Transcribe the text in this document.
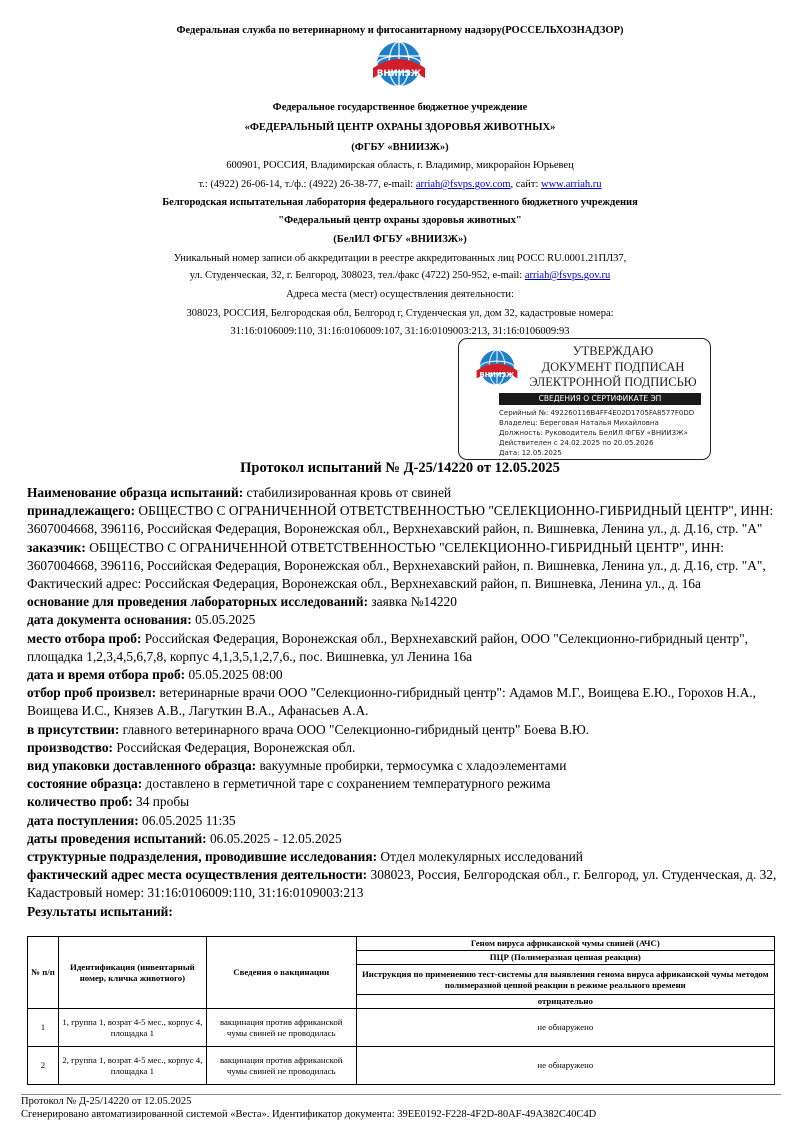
Федеральная служба по ветеринарному и фитосанитарному надзору(РОССЕЛЬХОЗНАДЗОР)
ВНИИЗЖ
Федеральное государственное бюджетное учреждение
«ФЕДЕРАЛЬНЫЙ ЦЕНТР ОХРАНЫ ЗДОРОВЬЯ ЖИВОТНЫХ»
(ФГБУ «ВНИИЗЖ»)
600901, РОССИЯ, Владимирская область, г. Владимир, микрорайон Юрьевец
т.: (4922) 26-06-14, т./ф.: (4922) 26-38-77, e-mail: arriah@fsvps.gov.com, сайт: www.arriah.ru
Белгородская испытательная лаборатория федерального государственного бюджетного учреждения
"Федеральный центр охраны здоровья животных"
(БелИЛ ФГБУ «ВНИИЗЖ»)
Уникальный номер записи об аккредитации в реестре аккредитованных лиц РОСС RU.0001.21ПЛ37,
ул. Студенческая, 32, г. Белгород, 308023, тел./факс (4722) 250-952, e-mail: arriah@fsvps.gov.ru
Адреса места (мест) осуществления деятельности:
308023, РОССИЯ, Белгородская обл, Белгород г, Студенческая ул, дом 32, кадастровые номера:
31:16:0106009:110, 31:16:0106009:107, 31:16:0109003:213, 31:16:0106009:93
ВНИИЗЖ
УТВЕРЖДАЮ
ДОКУМЕНТ ПОДПИСАН
ЭЛЕКТРОННОЙ ПОДПИСЬЮ
СВЕДЕНИЯ О СЕРТИФИКАТЕ ЭП
Серийный №: 492260116B4FF4E02D1705FA8577F0DD
Владелец: Береговая Наталья Михайловна
Должность: Руководитель БелИЛ ФГБУ «ВНИИЗЖ»
Действителен с 24.02.2025 по 20.05.2026
Дата: 12.05.2025
Протокол испытаний № Д-25/14220 от 12.05.2025

Наименование образца испытаний: стабилизированная кровь от свиней

принадлежащего: ОБЩЕСТВО С ОГРАНИЧЕННОЙ ОТВЕТСТВЕННОСТЬЮ "СЕЛЕКЦИОННО-ГИБРИДНЫЙ ЦЕНТР", ИНН: 3607004668, 396116, Российская Федерация, Воронежская обл., Верхнехавский район, п. Вишневка, Ленина ул., д. Д.16, стр. "А"

заказчик: ОБЩЕСТВО С ОГРАНИЧЕННОЙ ОТВЕТСТВЕННОСТЬЮ "СЕЛЕКЦИОННО-ГИБРИДНЫЙ ЦЕНТР", ИНН: 3607004668, 396116, Российская Федерация, Воронежская обл., Верхнехавский район, п. Вишневка, Ленина ул., д. Д.16, стр. "А", Фактический адрес: Российская Федерация, Воронежская обл., Верхнехавский район, п. Вишневка, Ленина ул., д. 16а

основание для проведения лабораторных исследований: заявка №14220

дата документа основания: 05.05.2025

место отбора проб: Российская Федерация, Воронежская обл., Верхнехавский район, ООО "Селекционно-гибридный центр", площадка 1,2,3,4,5,6,7,8, корпус 4,1,3,5,1,2,7,6., пос. Вишневка, ул Ленина 16а

дата и время отбора проб: 05.05.2025 08:00

отбор проб произвел: ветеринарные врачи ООО "Селекционно-гибридный центр": Адамов М.Г., Воищева Е.Ю., Горохов Н.А., Воищева И.С., Князев А.В., Лагуткин В.А., Афанасьев А.А.

в присутствии: главного ветеринарного врача ООО "Селекционно-гибридный центр" Боева В.Ю.

производство: Российская Федерация, Воронежская обл.

вид упаковки доставленного образца: вакуумные пробирки, термосумка с хладоэлементами

состояние образца: доставлено в герметичной таре с сохранением температурного режима

количество проб: 34 пробы

дата поступления: 06.05.2025 11:35

даты проведения испытаний: 06.05.2025 - 12.05.2025

структурные подразделения, проводившие исследования: Отдел молекулярных исследований

фактический адрес места осуществления деятельности: 308023, Россия, Белгородская обл., г. Белгород, ул. Студенческая, д. 32, Кадастровый номер: 31:16:0106009:110, 31:16:0109003:213

Результаты испытаний:

№ п/п	Идентификация (инвентарный номер, кличка животного)	Сведения о вакцинации	Геном вируса африканской чумы свиней (АЧС)
			ПЦР (Полимеразная цепная реакция)
			Инструкция по применению тест-системы для выявления генома вируса африканской чумы методом полимеразной цепной реакции в режиме реального времени
			отрицательно
1	1, группа 1, возрат 4-5 мес., корпус 4, площадка 1	вакцинация против африканской чумы свиней не проводилась	не обнаружено
2	2, группа 1, возрат 4-5 мес., корпус 4, площадка 1	вакцинация против африканской чумы свиней не проводилась	не обнаружено
Протокол № Д-25/14220 от 12.05.2025
Сгенерировано автоматизированной системой «Веста». Идентификатор документа: 39EE0192-F228-4F2D-80AF-49A382C40C4D
